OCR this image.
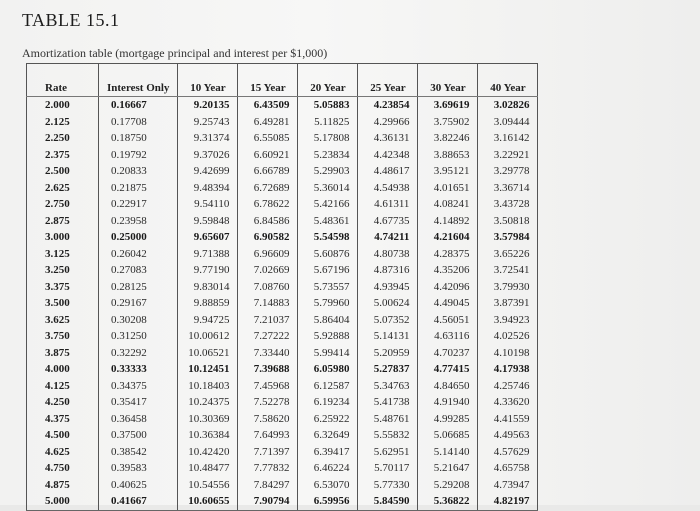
TABLE 15.1

Amortization table (mortgage principal and interest per $1,000)

Rate	Interest Only	10 Year	15 Year	20 Year	25 Year	30 Year	40 Year
2.000	0.16667	9.20135	6.43509	5.05883	4.23854	3.69619	3.02826
2.125	0.17708	9.25743	6.49281	5.11825	4.29966	3.75902	3.09444
2.250	0.18750	9.31374	6.55085	5.17808	4.36131	3.82246	3.16142
2.375	0.19792	9.37026	6.60921	5.23834	4.42348	3.88653	3.22921
2.500	0.20833	9.42699	6.66789	5.29903	4.48617	3.95121	3.29778
2.625	0.21875	9.48394	6.72689	5.36014	4.54938	4.01651	3.36714
2.750	0.22917	9.54110	6.78622	5.42166	4.61311	4.08241	3.43728
2.875	0.23958	9.59848	6.84586	5.48361	4.67735	4.14892	3.50818
3.000	0.25000	9.65607	6.90582	5.54598	4.74211	4.21604	3.57984
3.125	0.26042	9.71388	6.96609	5.60876	4.80738	4.28375	3.65226
3.250	0.27083	9.77190	7.02669	5.67196	4.87316	4.35206	3.72541
3.375	0.28125	9.83014	7.08760	5.73557	4.93945	4.42096	3.79930
3.500	0.29167	9.88859	7.14883	5.79960	5.00624	4.49045	3.87391
3.625	0.30208	9.94725	7.21037	5.86404	5.07352	4.56051	3.94923
3.750	0.31250	10.00612	7.27222	5.92888	5.14131	4.63116	4.02526
3.875	0.32292	10.06521	7.33440	5.99414	5.20959	4.70237	4.10198
4.000	0.33333	10.12451	7.39688	6.05980	5.27837	4.77415	4.17938
4.125	0.34375	10.18403	7.45968	6.12587	5.34763	4.84650	4.25746
4.250	0.35417	10.24375	7.52278	6.19234	5.41738	4.91940	4.33620
4.375	0.36458	10.30369	7.58620	6.25922	5.48761	4.99285	4.41559
4.500	0.37500	10.36384	7.64993	6.32649	5.55832	5.06685	4.49563
4.625	0.38542	10.42420	7.71397	6.39417	5.62951	5.14140	4.57629
4.750	0.39583	10.48477	7.77832	6.46224	5.70117	5.21647	4.65758
4.875	0.40625	10.54556	7.84297	6.53070	5.77330	5.29208	4.73947
5.000	0.41667	10.60655	7.90794	6.59956	5.84590	5.36822	4.82197
